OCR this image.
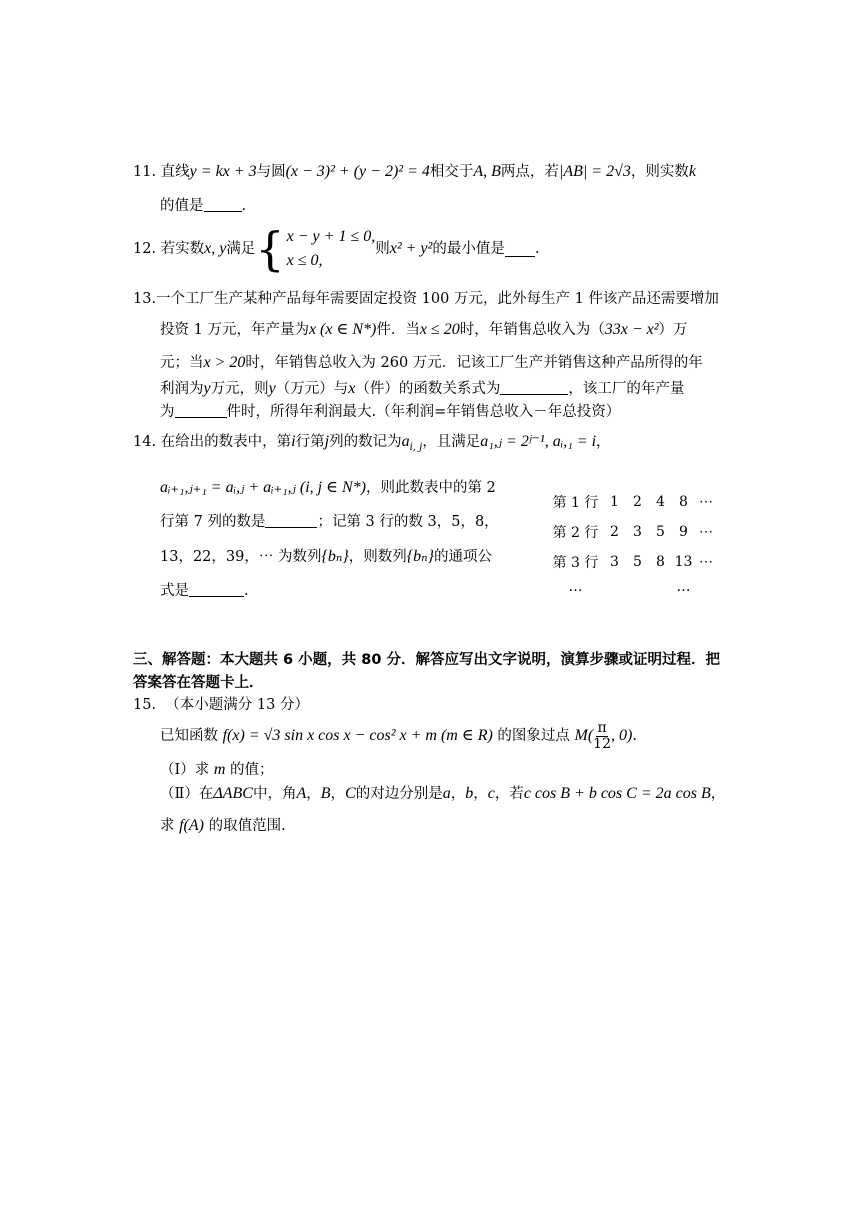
11. 直线y = kx + 3与圆(x − 3)² + (y − 2)² = 4相交于A, B两点，若|AB| = 2√3，则实数k
的值是	.
12.
若实数 x, y 满足 { x − y + 1 ≤ 0,
x ≤ 0,
则 x² + y² 的最小值是 .
13.一个工厂生产某种产品每年需要固定投资 100 万元，此外每生产 1 件该产品还需要增加
投资 1 万元，年产量为x (x ∈ N*)件．当x ≤ 20时，年销售总收入为（33x − x²）万
元；当x > 20时，年销售总收入为 260 万元．记该工厂生产并销售这种产品所得的年
利润为y万元，则y（万元）与x（件）的函数关系式为	，该工厂的年产量
为	件时，所得年利润最大.（年利润=年销售总收入－年总投资）
14. 在给出的数表中，第i行第j列的数记为$a_{i, j}$，且满足a₁,ⱼ = 2ʲ⁻¹, aᵢ,₁ = i，
aᵢ₊₁,ⱼ₊₁ = aᵢ,ⱼ + aᵢ₊₁,ⱼ (i, j ∈ N*)，则此数表中的第 2
行第 7 列的数是	；记第 3 行的数 3，5，8，
13，22，39，⋯ 为数列{bₙ}，则数列{bₙ}的通项公
式是	.
第 1 行 1	2	4	8 ⋯
第 2 行 2	3	5	9 ⋯
第 3 行 3	5	8 13 ⋯
…	…
三、解答题：本大题共 6 小题，共 80 分．解答应写出文字说明，演算步骤或证明过程．把
答案答在答题卡上．
15. （本小题满分 13 分）
已知函数
f(x) = √3 sin x cos x − cos² x + m (m ∈ R)
的图象过点
$M( \frac{\pi}{12}$ , 0) .
（Ⅰ）求 m 的值；
（Ⅱ）在ΔABC中，角A，B，C的对边分别是a，b，c，若c cos B + b cos C = 2a cos B，
求 f(A) 的取值范围.
